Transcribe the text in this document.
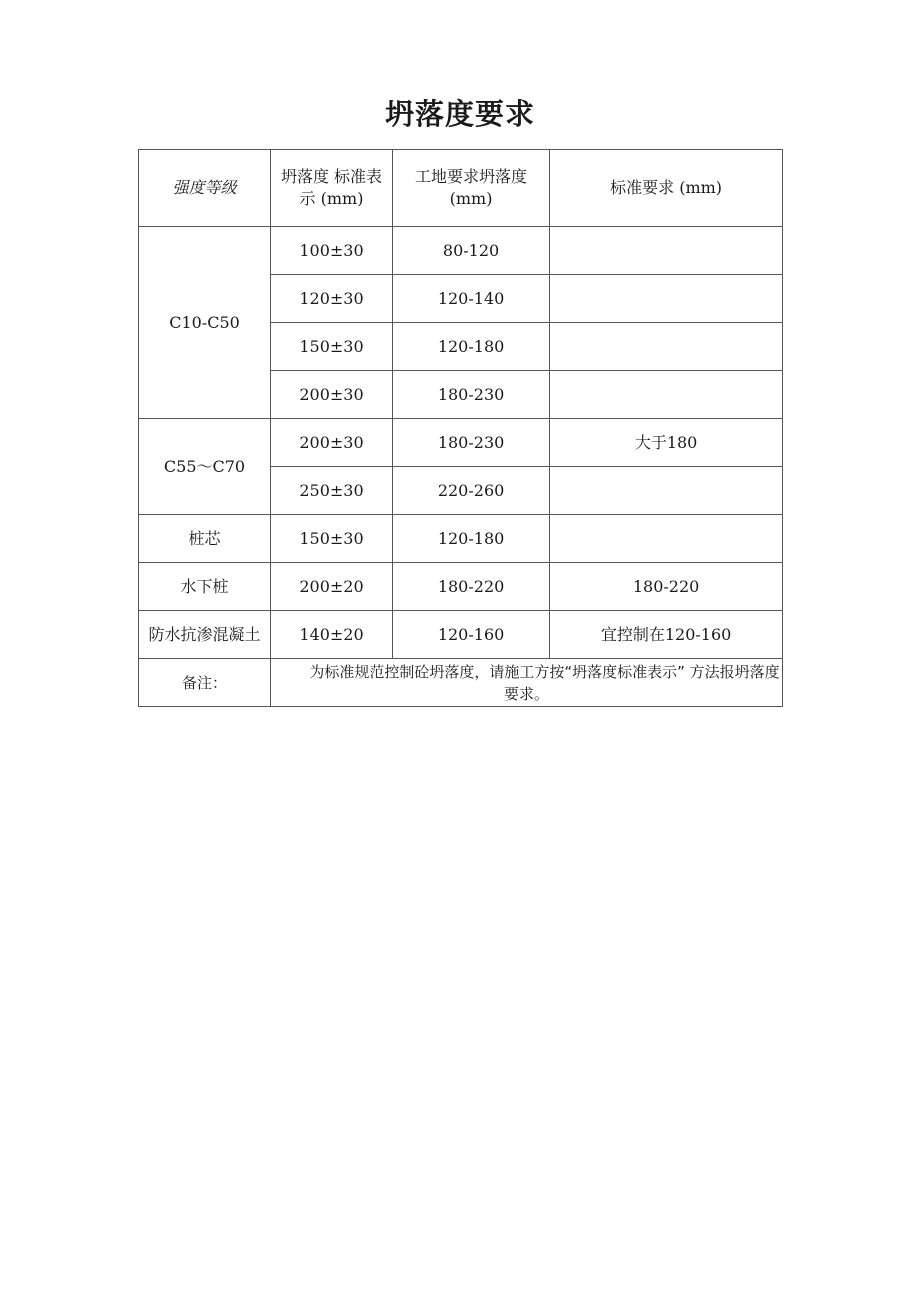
坍落度要求
强度等级	坍落度 标准表示 (mm)	工地要求坍落度 (mm)	标准要求 (mm)
C10-C50	100±30	80-120	
	120±30	120-140	
	150±30	120-180	
	200±30	180-230	
C55～C70	200±30	180-230	大于180
	250±30	220-260	
桩芯	150±30	120-180	
水下桩	200±20	180-220	180-220
防水抗渗混凝土	140±20	120-160	宜控制在120-160
备注：	为标准规范控制砼坍落度，请施工方按“坍落度标准表示” 方法报坍落度要求。		
